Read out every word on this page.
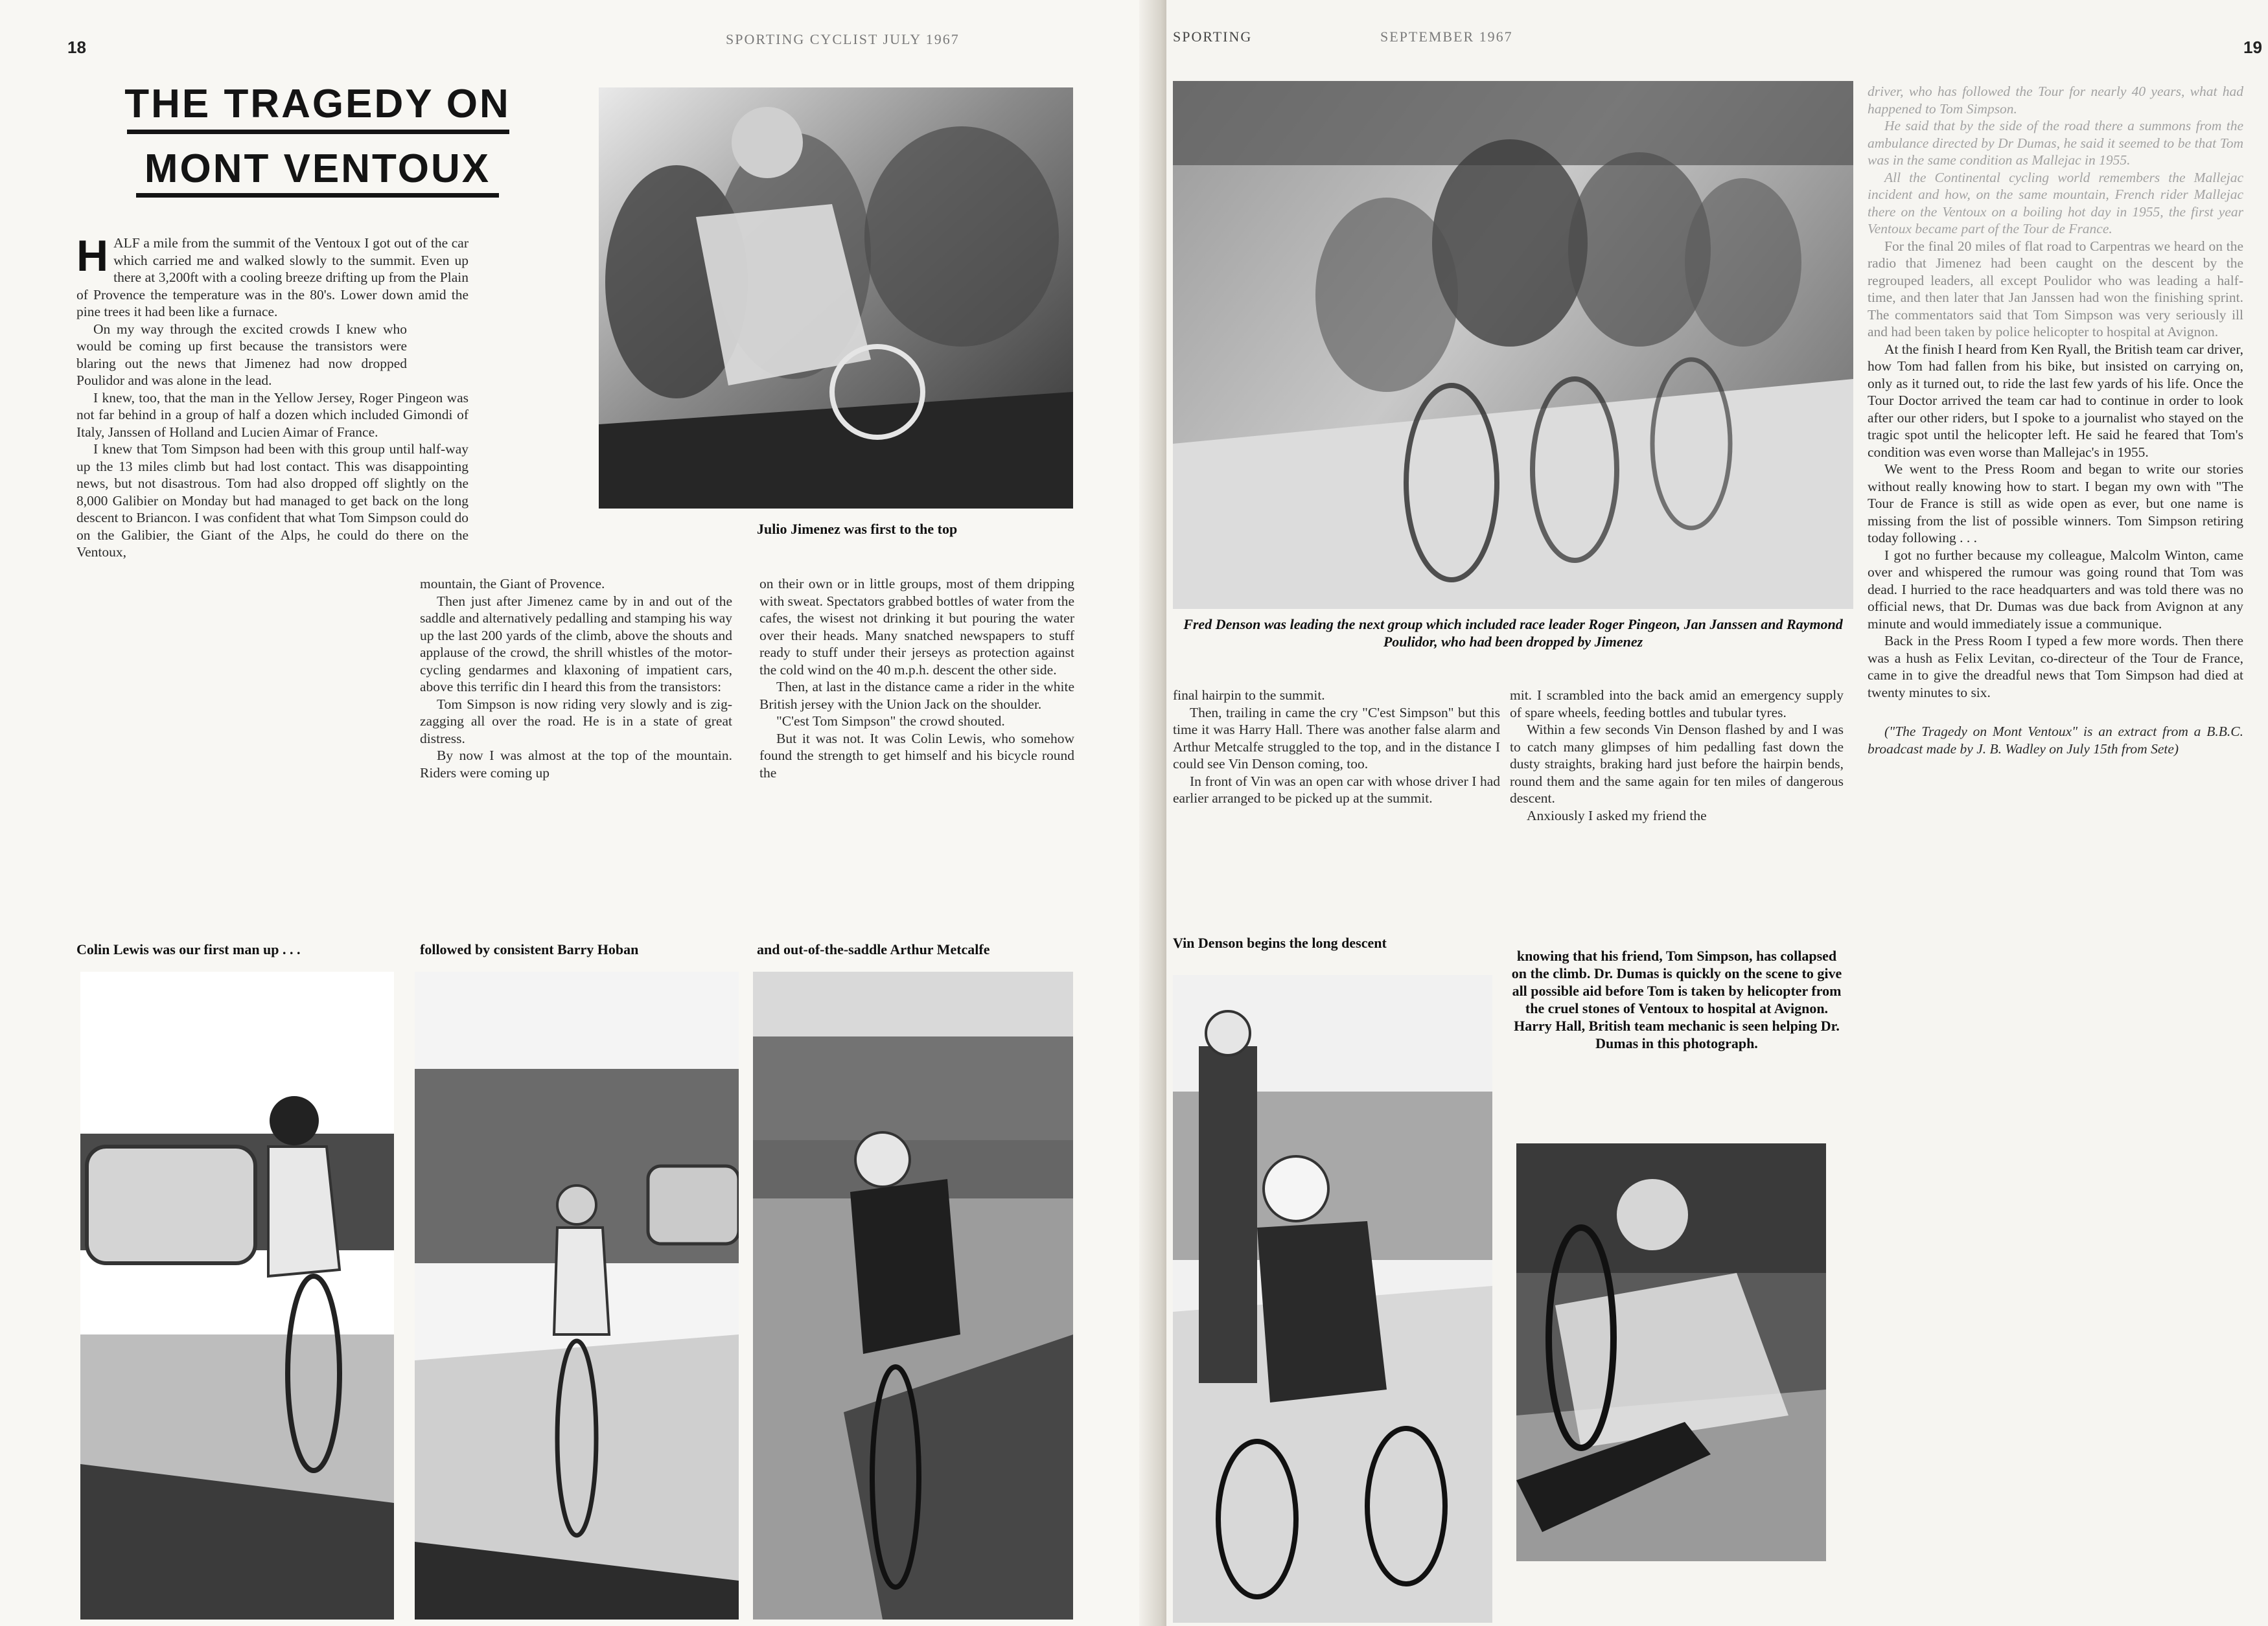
18	SPORTING CYCLIST JULY 1967
THE TRAGEDY ON
MONT VENTOUX

HALF a mile from the summit of the Ventoux I got out of the car which carried me and walked slowly to the summit. Even up there at 3,200ft with a cooling breeze drifting up from the Plain of Provence the temperature was in the 80's. Lower down amid the pine trees it had been like a furnace.

On my way through the excited crowds I knew who would be coming up first because the transistors were blaring out the news that Jimenez had now dropped Poulidor and was alone in the lead.

I knew, too, that the man in the Yellow Jersey, Roger Pingeon was not far behind in a group of half a dozen which included Gimondi of Italy, Janssen of Holland and Lucien Aimar of France.

I knew that Tom Simpson had been with this group until half-way up the 13 miles climb but had lost contact. This was disappointing news, but not disastrous. Tom had also dropped off slightly on the 8,000 Galibier on Monday but had managed to get back on the long descent to Briancon. I was confident that what Tom Simpson could do on the Galibier, the Giant of the Alps, he could do there on the Ventoux,

mountain, the Giant of Provence.

Then just after Jimenez came by in and out of the saddle and alternatively pedalling and stamping his way up the last 200 yards of the climb, above the shouts and applause of the crowd, the shrill whistles of the motor-cycling gendarmes and klaxoning of impatient cars, above this terrific din I heard this from the transistors:

Tom Simpson is now riding very slowly and is zig-zagging all over the road. He is in a state of great distress.

By now I was almost at the top of the mountain. Riders were coming up

on their own or in little groups, most of them dripping with sweat. Spectators grabbed bottles of water from the cafes, the wisest not drinking it but pouring the water over their heads. Many snatched newspapers to stuff ready to stuff under their jerseys as protection against the cold wind on the 40 m.p.h. descent the other side.

Then, at last in the distance came a rider in the white British jersey with the Union Jack on the shoulder.

"C'est Tom Simpson" the crowd shouted.

But it was not. It was Colin Lewis, who somehow found the strength to get himself and his bicycle round the

Julio Jimenez was first to the top
Colin Lewis was our first man up . . .	followed by consistent Barry Hoban	and out-of-the-saddle Arthur Metcalfe
SPORTING	SEPTEMBER 1967
19
Fred Denson was leading the next group which included race leader Roger Pingeon, Jan Janssen and Raymond Poulidor, who had been dropped by Jimenez

final hairpin to the summit.

Then, trailing in came the cry "C'est Simpson" but this time it was Harry Hall. There was another false alarm and Arthur Metcalfe struggled to the top, and in the distance I could see Vin Denson coming, too.

In front of Vin was an open car with whose driver I had earlier arranged to be picked up at the summit.

mit. I scrambled into the back amid an emergency supply of spare wheels, feeding bottles and tubular tyres.

Within a few seconds Vin Denson flashed by and I was to catch many glimpses of him pedalling fast down the dusty straights, braking hard just before the hairpin bends, round them and the same again for ten miles of dangerous descent.

Anxiously I asked my friend the

Vin Denson begins the long descent
knowing that his friend, Tom Simpson, has collapsed on the climb. Dr. Dumas is quickly on the scene to give all possible aid before Tom is taken by helicopter from the cruel stones of Ventoux to hospital at Avignon. Harry Hall, British team mechanic is seen helping Dr. Dumas in this photograph.

driver, who has followed the Tour for nearly 40 years, what had happened to Tom Simpson.

He said that by the side of the road there a summons from the ambulance directed by Dr Dumas, he said it seemed to be that Tom was in the same condition as Mallejac in 1955.

All the Continental cycling world remembers the Mallejac incident and how, on the same mountain, French rider Mallejac there on the Ventoux on a boiling hot day in 1955, the first year Ventoux became part of the Tour de France.

For the final 20 miles of flat road to Carpentras we heard on the radio that Jimenez had been caught on the descent by the regrouped leaders, all except Poulidor who was leading a half-time, and then later that Jan Janssen had won the finishing sprint. The commentators said that Tom Simpson was very seriously ill and had been taken by police helicopter to hospital at Avignon.

At the finish I heard from Ken Ryall, the British team car driver, how Tom had fallen from his bike, but insisted on carrying on, only as it turned out, to ride the last few yards of his life. Once the Tour Doctor arrived the team car had to continue in order to look after our other riders, but I spoke to a journalist who stayed on the tragic spot until the helicopter left. He said he feared that Tom's condition was even worse than Mallejac's in 1955.

We went to the Press Room and began to write our stories without really knowing how to start. I began my own with "The Tour de France is still as wide open as ever, but one name is missing from the list of possible winners. Tom Simpson retiring today following . . .

I got no further because my colleague, Malcolm Winton, came over and whispered the rumour was going round that Tom was dead. I hurried to the race headquarters and was told there was no official news, that Dr. Dumas was due back from Avignon at any minute and would immediately issue a communique.

Back in the Press Room I typed a few more words. Then there was a hush as Felix Levitan, co-directeur of the Tour de France, came in to give the dreadful news that Tom Simpson had died at twenty minutes to six.

("The Tragedy on Mont Ventoux" is an extract from a B.B.C. broadcast made by J. B. Wadley on July 15th from Sete)
